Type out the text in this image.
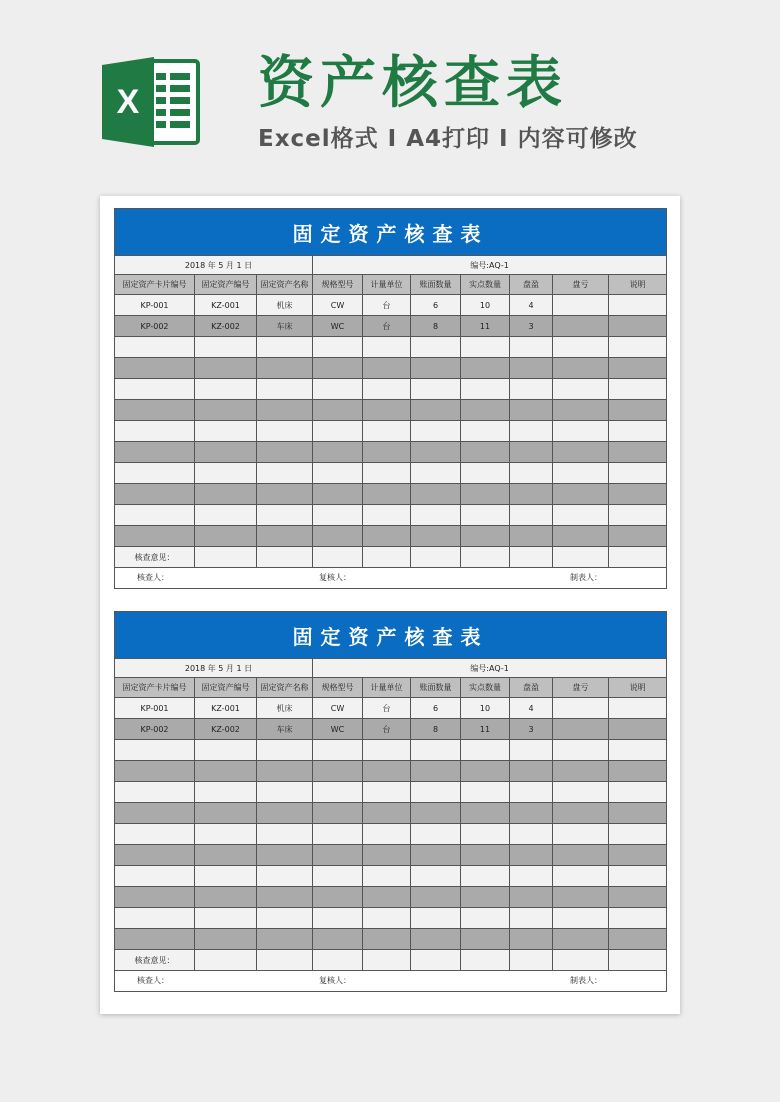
X 资产核查表

Excel格式 I A4打印 I 内容可修改

固定资产核查表									
2018 年 5 月 1 日			编号:AQ-1						
固定资产卡片编号	固定资产编号	固定资产名称	规格型号	计量单位	账面数量	实点数量	盘盈	盘亏	说明
KP-001	KZ-001	机床	CW	台	6	10	4		
KP-002	KZ-002	车床	WC	台	8	11	3		

核查意见：									

核查人： 复核人： 制表人：									
固定资产核查表									
2018 年 5 月 1 日			编号:AQ-1						
固定资产卡片编号	固定资产编号	固定资产名称	规格型号	计量单位	账面数量	实点数量	盘盈	盘亏	说明
KP-001	KZ-001	机床	CW	台	6	10	4		
KP-002	KZ-002	车床	WC	台	8	11	3		

核查意见：									

核查人： 复核人： 制表人：									
